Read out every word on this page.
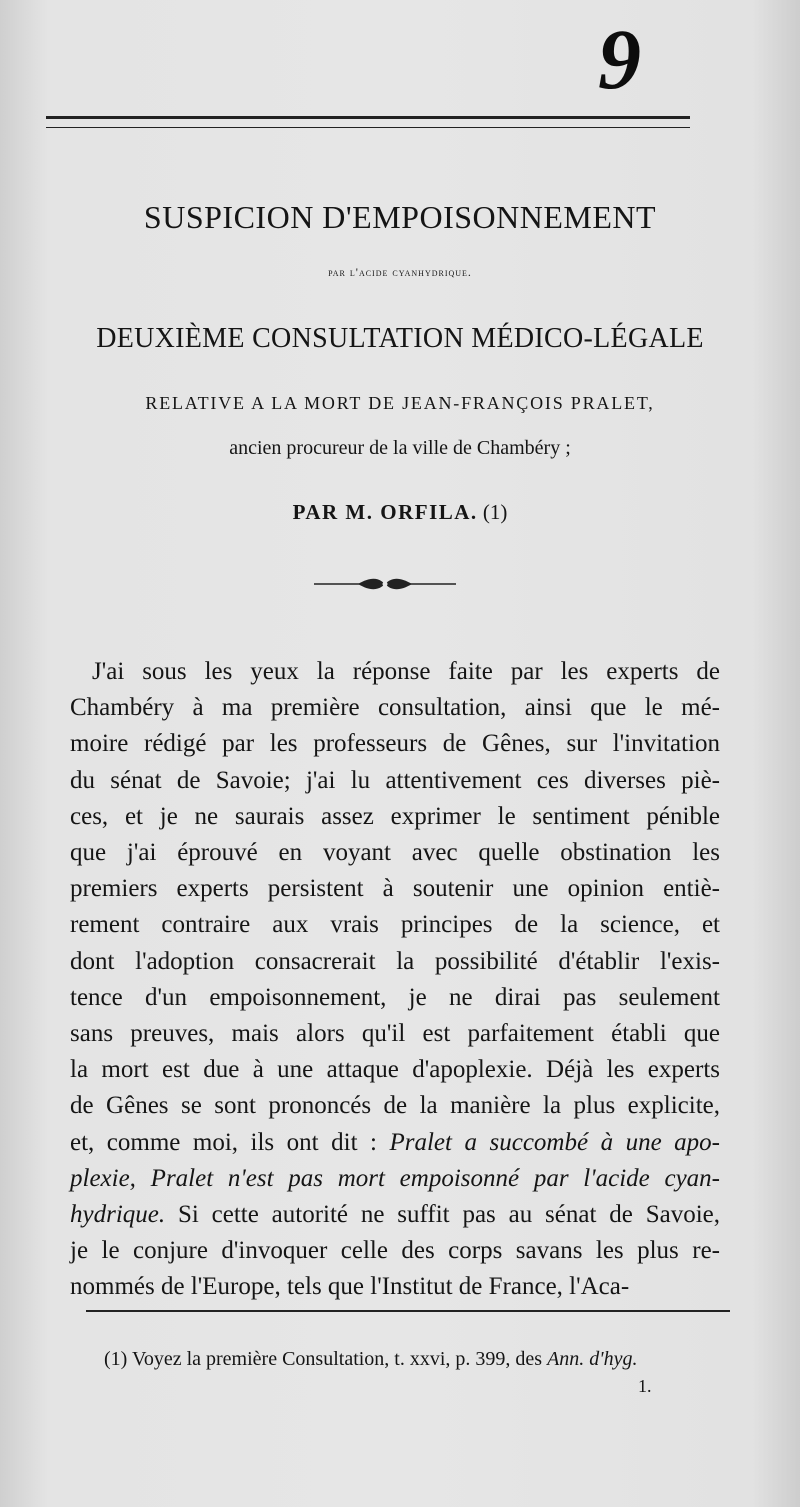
9
SUSPICION D'EMPOISONNEMENT
par l'acide cyanhydrique.
DEUXIÈME CONSULTATION MÉDICO-LÉGALE
RELATIVE A LA MORT DE JEAN-FRANÇOIS PRALET,
ancien procureur de la ville de Chambéry ;
PAR M. ORFILA. (1)
J'ai sous les yeux la réponse faite par les experts de
Chambéry à ma première consultation, ainsi que le mé-
moire rédigé par les professeurs de Gênes, sur l'invitation
du sénat de Savoie; j'ai lu attentivement ces diverses piè-
ces, et je ne saurais assez exprimer le sentiment pénible
que j'ai éprouvé en voyant avec quelle obstination les
premiers experts persistent à soutenir une opinion entiè-
rement contraire aux vrais principes de la science, et
dont l'adoption consacrerait la possibilité d'établir l'exis-
tence d'un empoisonnement, je ne dirai pas seulement
sans preuves, mais alors qu'il est parfaitement établi que
la mort est due à une attaque d'apoplexie. Déjà les experts
de Gênes se sont prononcés de la manière la plus explicite,
et, comme moi, ils ont dit : Pralet a succombé à une apo-
plexie, Pralet n'est pas mort empoisonné par l'acide cyan-
hydrique. Si cette autorité ne suffit pas au sénat de Savoie,
je le conjure d'invoquer celle des corps savans les plus re-
nommés de l'Europe, tels que l'Institut de France, l'Aca-
(1) Voyez la première Consultation, t. xxvi, p. 399, des Ann. d'hyg.
1.
